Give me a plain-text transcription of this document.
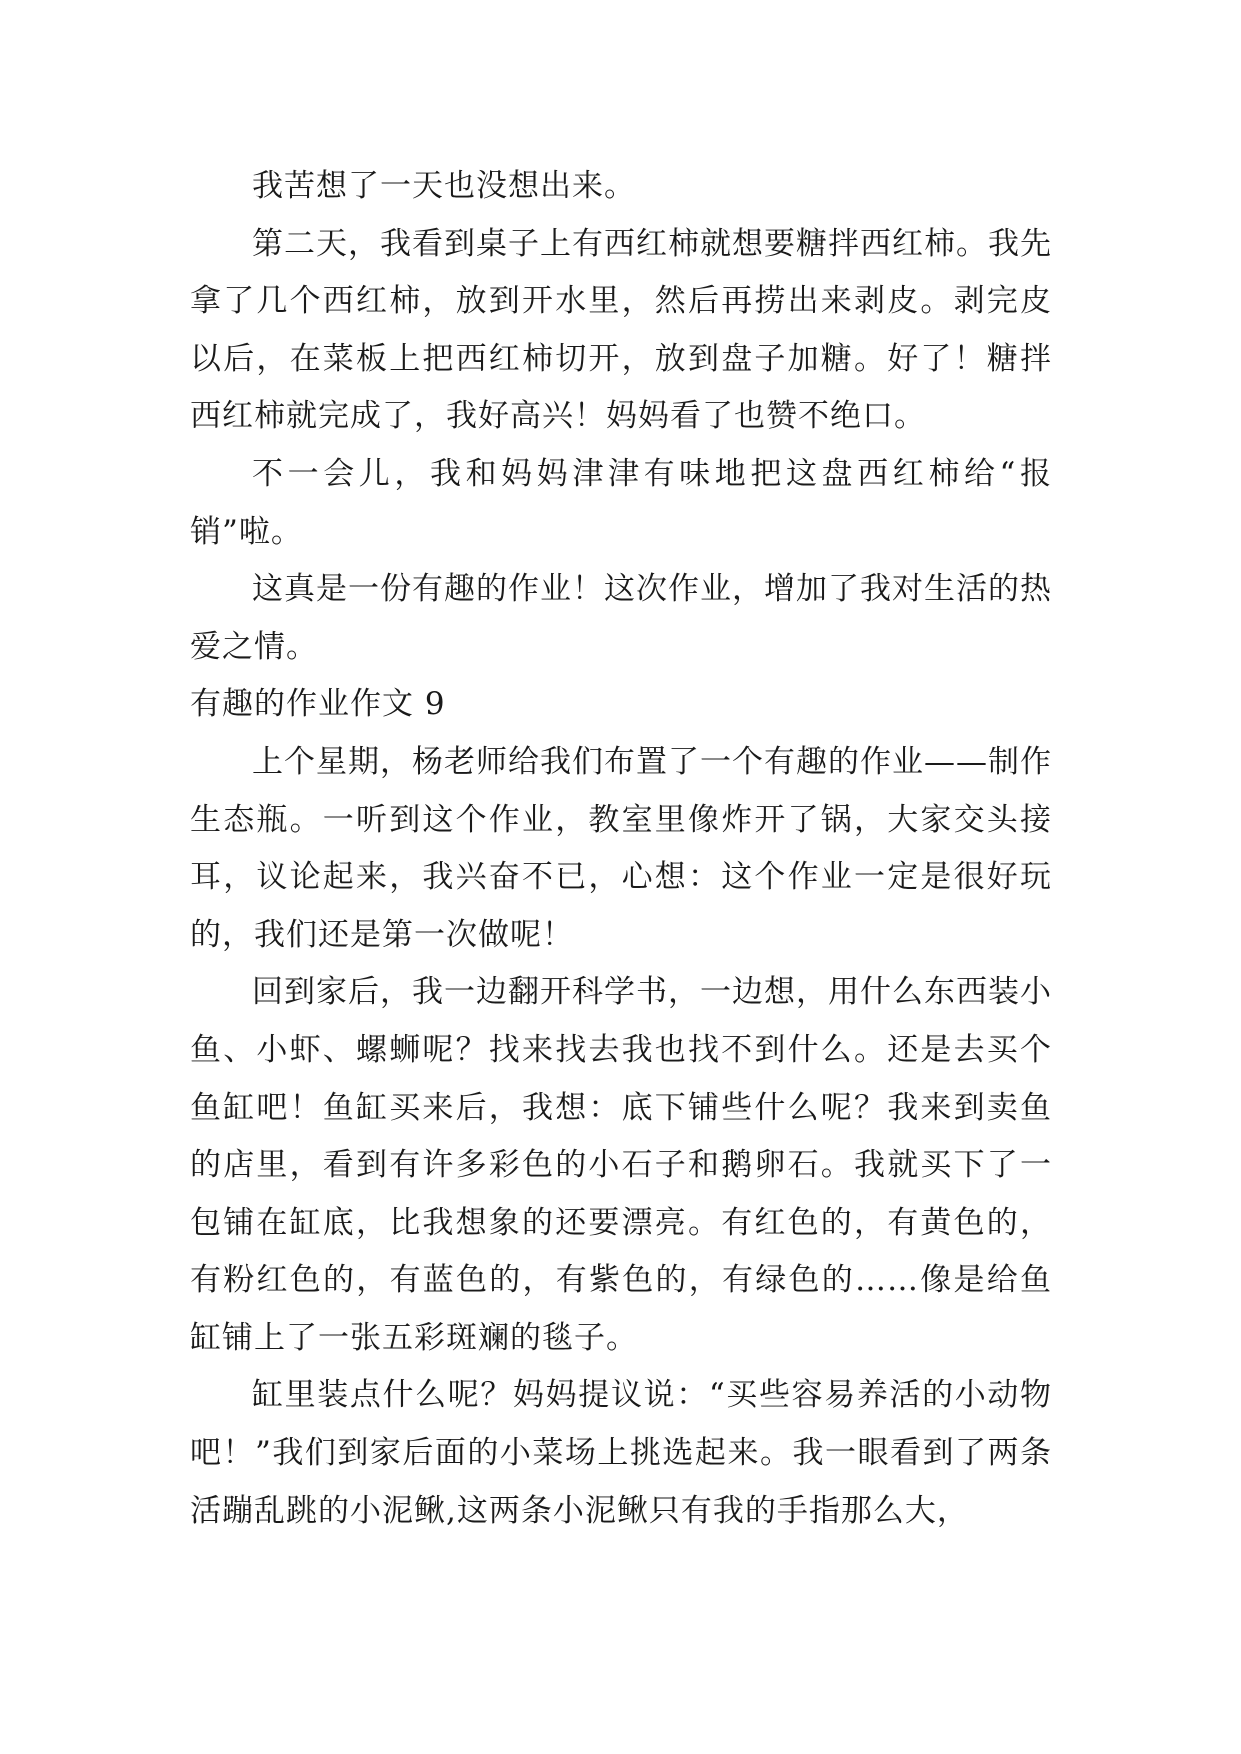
我苦想了一天也没想出来。

第二天，我看到桌子上有西红柿就想要糖拌西红柿。我先拿了几个西红柿，放到开水里，然后再捞出来剥皮。剥完皮以后，在菜板上把西红柿切开，放到盘子加糖。好了！糖拌西红柿就完成了，我好高兴！妈妈看了也赞不绝口。

不一会儿，我和妈妈津津有味地把这盘西红柿给“报销”啦。

这真是一份有趣的作业！这次作业，增加了我对生活的热爱之情。

有趣的作业作文 9

上个星期，杨老师给我们布置了一个有趣的作业——制作生态瓶。一听到这个作业，教室里像炸开了锅，大家交头接耳，议论起来，我兴奋不已，心想：这个作业一定是很好玩的，我们还是第一次做呢！

回到家后，我一边翻开科学书，一边想，用什么东西装小鱼、小虾、螺蛳呢？找来找去我也找不到什么。还是去买个鱼缸吧！鱼缸买来后，我想：底下铺些什么呢？我来到卖鱼的店里，看到有许多彩色的小石子和鹅卵石。我就买下了一包铺在缸底，比我想象的还要漂亮。有红色的，有黄色的，有粉红色的，有蓝色的，有紫色的，有绿色的……像是给鱼缸铺上了一张五彩斑斓的毯子。

缸里装点什么呢？妈妈提议说：“买些容易养活的小动物吧！”我们到家后面的小菜场上挑选起来。我一眼看到了两条活蹦乱跳的小泥鳅,这两条小泥鳅只有我的手指那么大，
